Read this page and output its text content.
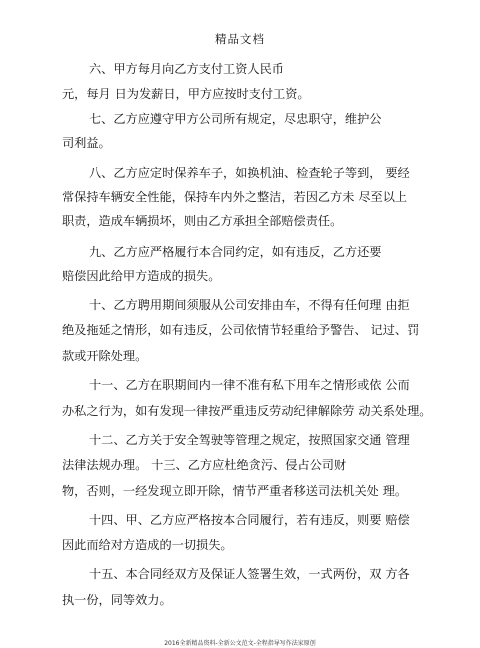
精品文档
六、甲方每月向乙方支付工资人民币
元，每月 日为发薪日，甲方应按时支付工资。
七、乙方应遵守甲方公司所有规定，尽忠职守，维护公
司利益。
八、乙方应定时保养车子，如换机油、检查轮子等到， 要经
常保持车辆安全性能，保持车内外之整洁，若因乙方未 尽至以上
职责，造成车辆损坏，则由乙方承担全部赔偿责任。
九、乙方应严格履行本合同约定，如有违反，乙方还要
赔偿因此给甲方造成的损失。
十、乙方聘用期间须服从公司安排由车，不得有任何理 由拒
绝及拖延之情形，如有违反，公司依情节轻重给予警告、 记过、罚
款或开除处理。
十一、乙方在职期间内一律不准有私下用车之情形或依 公而
办私之行为，如有发现一律按严重违反劳动纪律解除劳 动关系处理。
十二、乙方关于安全驾驶等管理之规定，按照国家交通 管理
法律法规办理。 十三、乙方应杜绝贪污、侵占公司财
物，否则，一经发现立即开除，情节严重者移送司法机关处 理。
十四、甲、乙方应严格按本合同履行，若有违反，则要 赔偿
因此而给对方造成的一切损失。
十五、本合同经双方及保证人签署生效，一式两份，双 方各
执一份，同等效力。
2016全新精品资料-全新公文范文-全程指导写作法家原创
